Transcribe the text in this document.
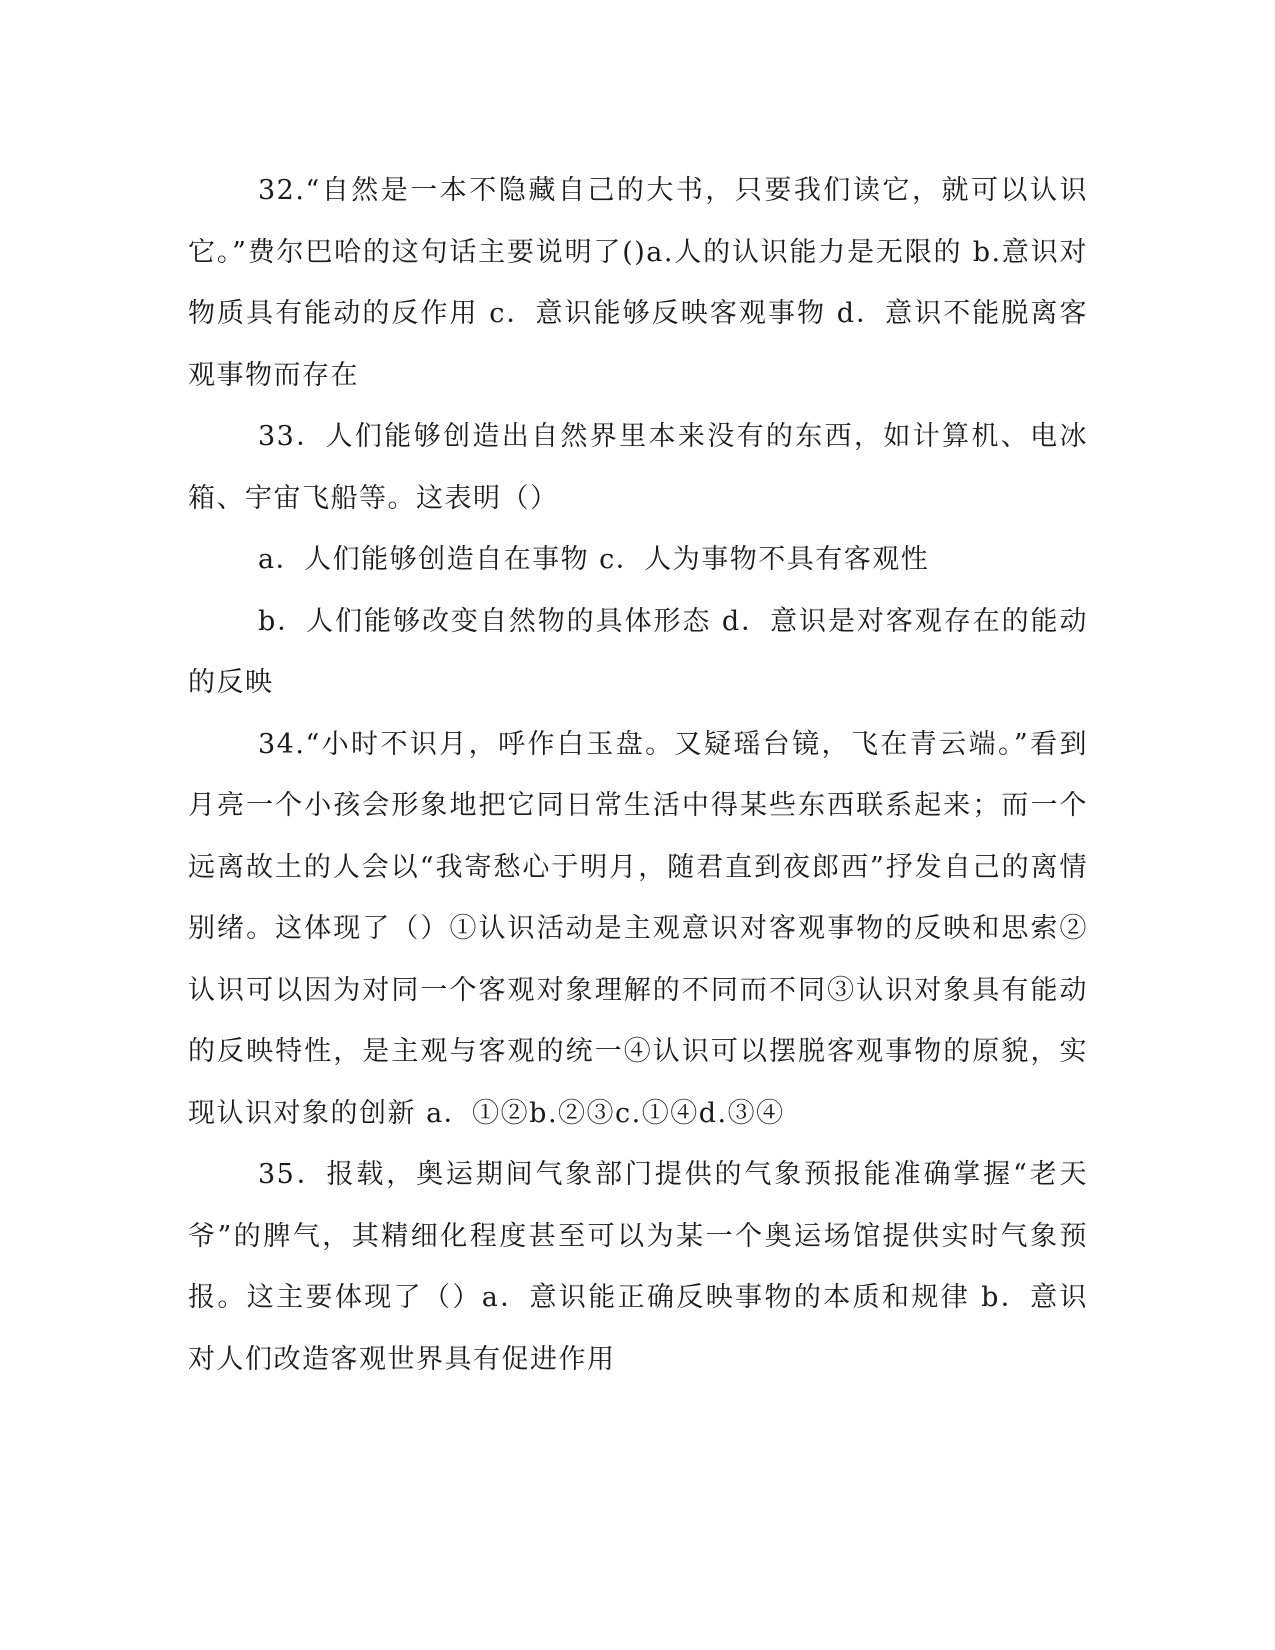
32.“自然是一本不隐藏自己的大书，只要我们读它，就可以认识它。”费尔巴哈的这句话主要说明了()a.人的认识能力是无限的 b.意识对物质具有能动的反作用 c．意识能够反映客观事物 d．意识不能脱离客观事物而存在

33．人们能够创造出自然界里本来没有的东西，如计算机、电冰箱、宇宙飞船等。这表明（）

a．人们能够创造自在事物 c．人为事物不具有客观性

b．人们能够改变自然物的具体形态 d．意识是对客观存在的能动的反映

34.“小时不识月，呼作白玉盘。又疑瑶台镜，飞在青云端。”看到月亮一个小孩会形象地把它同日常生活中得某些东西联系起来；而一个远离故土的人会以“我寄愁心于明月，随君直到夜郎西”抒发自己的离情别绪。这体现了（）①认识活动是主观意识对客观事物的反映和思索②认识可以因为对同一个客观对象理解的不同而不同③认识对象具有能动的反映特性，是主观与客观的统一④认识可以摆脱客观事物的原貌，实现认识对象的创新 a．①②b.②③c.①④d.③④

35．报载，奥运期间气象部门提供的气象预报能准确掌握“老天爷”的脾气，其精细化程度甚至可以为某一个奥运场馆提供实时气象预报。这主要体现了（）a．意识能正确反映事物的本质和规律 b．意识对人们改造客观世界具有促进作用
